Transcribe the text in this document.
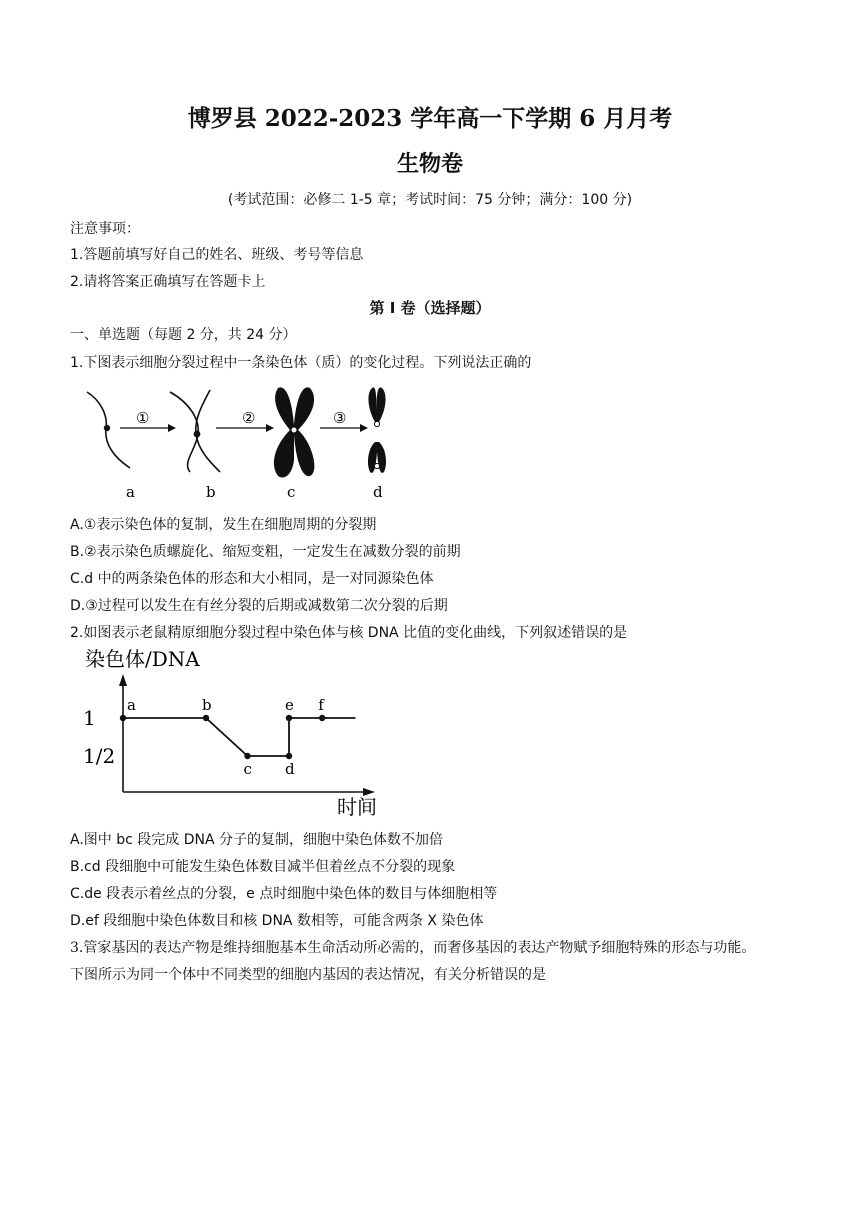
博罗县 2022-2023 学年高一下学期 6 月月考
生物卷
(考试范围：必修二 1-5 章；考试时间：75 分钟；满分：100 分)
注意事项：
1.答题前填写好自己的姓名、班级、考号等信息
2.请将答案正确填写在答题卡上
第 I 卷（选择题）
一、单选题（每题 2 分，共 24 分）
1.下图表示细胞分裂过程中一条染色体（质）的变化过程。下列说法正确的
①	②	③
a	b	c	d
A.①表示染色体的复制，发生在细胞周期的分裂期
B.②表示染色质螺旋化、缩短变粗，一定发生在减数分裂的前期
C.d 中的两条染色体的形态和大小相同，是一对同源染色体
D.③过程可以发生在有丝分裂的后期或减数第二次分裂的后期
2.如图表示老鼠精原细胞分裂过程中染色体与核 DNA 比值的变化曲线，下列叙述错误的是
染色体/DNA
时间
1
1/2
a	b
c d
e f
A.图中 bc 段完成 DNA 分子的复制，细胞中染色体数不加倍
B.cd 段细胞中可能发生染色体数目减半但着丝点不分裂的现象
C.de 段表示着丝点的分裂，e 点时细胞中染色体的数目与体细胞相等
D.ef 段细胞中染色体数目和核 DNA 数相等，可能含两条 X 染色体
3.管家基因的表达产物是维持细胞基本生命活动所必需的，而奢侈基因的表达产物赋予细胞特殊的形态与功能。
下图所示为同一个体中不同类型的细胞内基因的表达情况，有关分析错误的是
